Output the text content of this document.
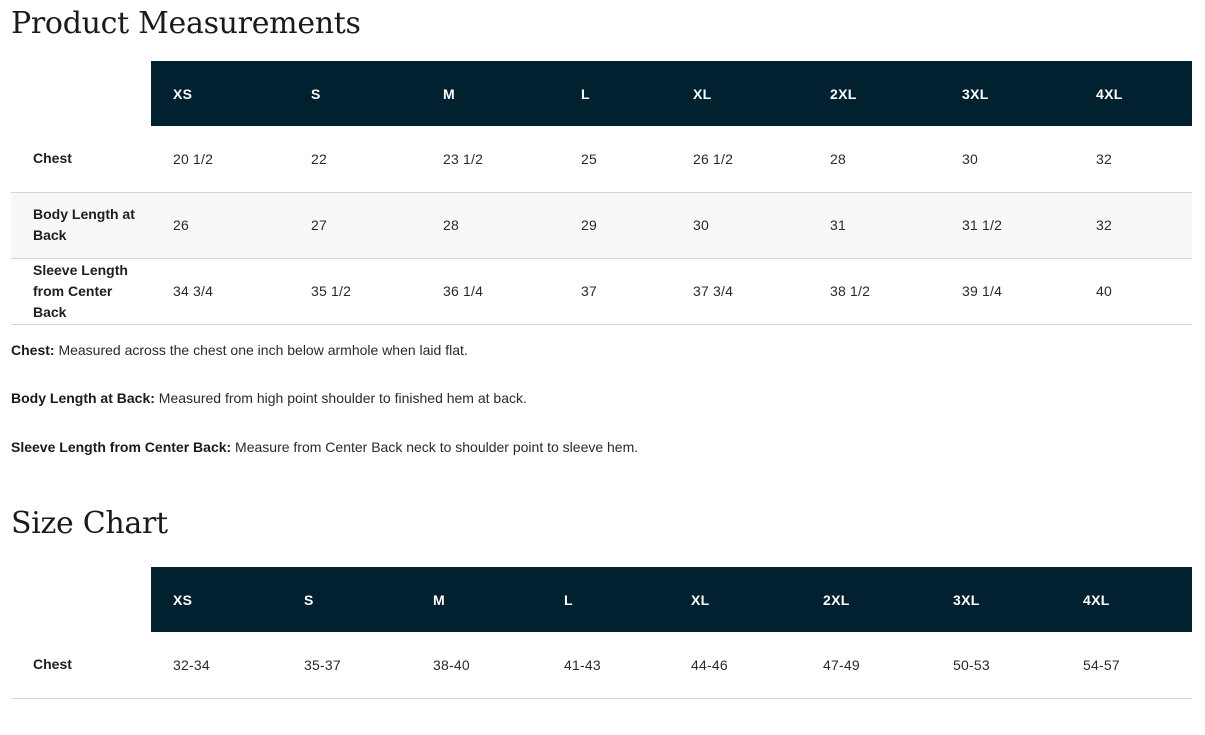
Product Measurements
	XS	S	M	L	XL	2XL	3XL	4XL
Chest	20 1/2	22	23 1/2	25	26 1/2	28	30	32
Body Length at Back	26	27	28	29	30	31	31 1/2	32
Sleeve Length from Center Back	34 3/4	35 1/2	36 1/4	37	37 3/4	38 1/2	39 1/4	40

Chest: Measured across the chest one inch below armhole when laid flat.

Body Length at Back: Measured from high point shoulder to finished hem at back.

Sleeve Length from Center Back: Measure from Center Back neck to shoulder point to sleeve hem.

Size Chart
	XS	S	M	L	XL	2XL	3XL	4XL
Chest	32-34	35-37	38-40	41-43	44-46	47-49	50-53	54-57
